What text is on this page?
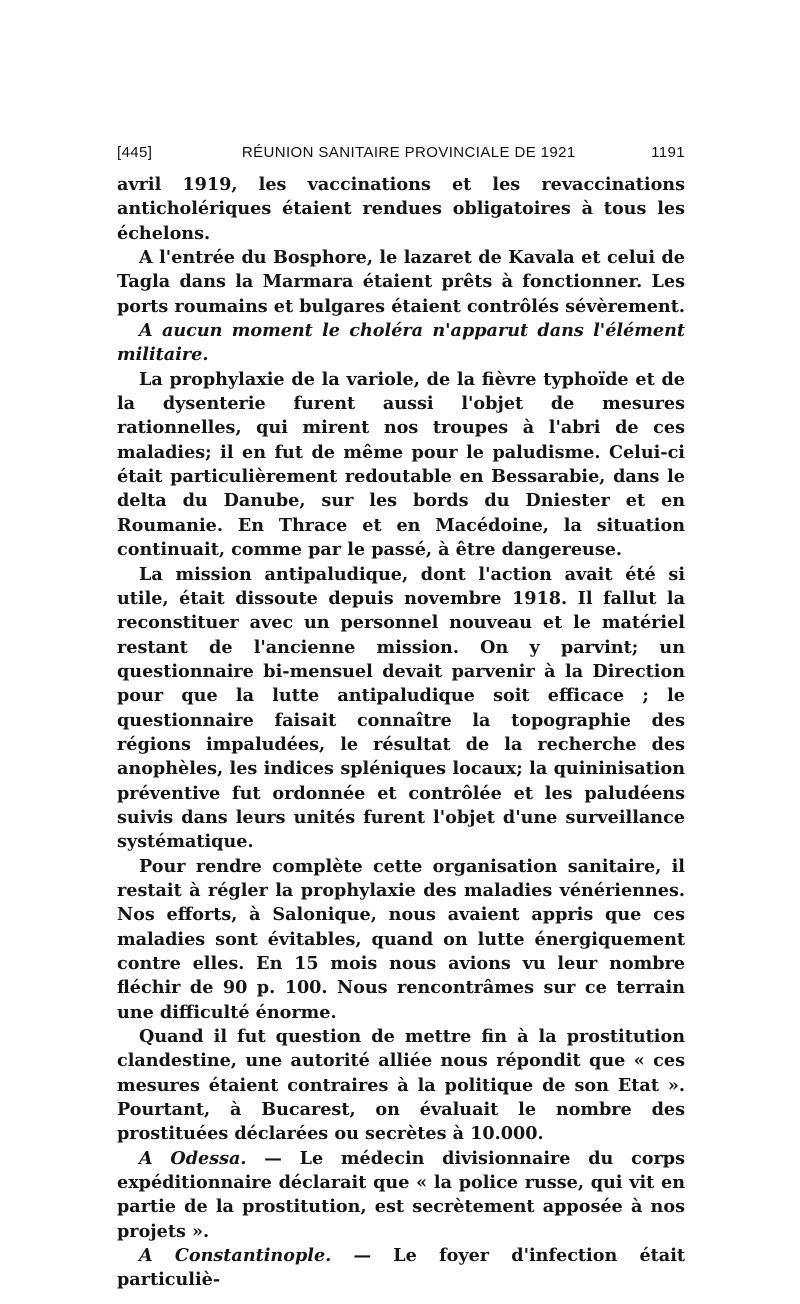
[445]	RÉUNION SANITAIRE PROVINCIALE DE 1921	1191

avril 1919, les vaccinations et les revaccinations anticholériques étaient rendues obligatoires à tous les échelons.

A l'entrée du Bosphore, le lazaret de Kavala et celui de Tagla dans la Marmara étaient prêts à fonctionner. Les ports roumains et bulgares étaient contrôlés sévèrement.

A aucun moment le choléra n'apparut dans l'élément militaire.

La prophylaxie de la variole, de la fièvre typhoïde et de la dysenterie furent aussi l'objet de mesures rationnelles, qui mirent nos troupes à l'abri de ces maladies; il en fut de même pour le paludisme. Celui-ci était particulièrement redoutable en Bessarabie, dans le delta du Danube, sur les bords du Dniester et en Roumanie. En Thrace et en Macédoine, la situation continuait, comme par le passé, à être dangereuse.

La mission antipaludique, dont l'action avait été si utile, était dissoute depuis novembre 1918. Il fallut la reconstituer avec un personnel nouveau et le matériel restant de l'ancienne mission. On y parvint; un questionnaire bi-mensuel devait parvenir à la Direction pour que la lutte antipaludique soit efficace ; le questionnaire faisait connaître la topographie des régions impaludées, le résultat de la recherche des anophèles, les indices spléniques locaux; la quininisation préventive fut ordonnée et contrôlée et les paludéens suivis dans leurs unités furent l'objet d'une surveillance systématique.

Pour rendre complète cette organisation sanitaire, il restait à régler la prophylaxie des maladies vénériennes. Nos efforts, à Salonique, nous avaient appris que ces maladies sont évitables, quand on lutte énergiquement contre elles. En 15 mois nous avions vu leur nombre fléchir de 90 p. 100. Nous rencontrâmes sur ce terrain une difficulté énorme.

Quand il fut question de mettre fin à la prostitution clandestine, une autorité alliée nous répondit que « ces mesures étaient contraires à la politique de son Etat ». Pourtant, à Bucarest, on évaluait le nombre des prostituées déclarées ou secrètes à 10.000.

A Odessa. — Le médecin divisionnaire du corps expéditionnaire déclarait que « la police russe, qui vit en partie de la prostitution, est secrètement apposée à nos projets ».

A Constantinople. — Le foyer d'infection était particuliè-
